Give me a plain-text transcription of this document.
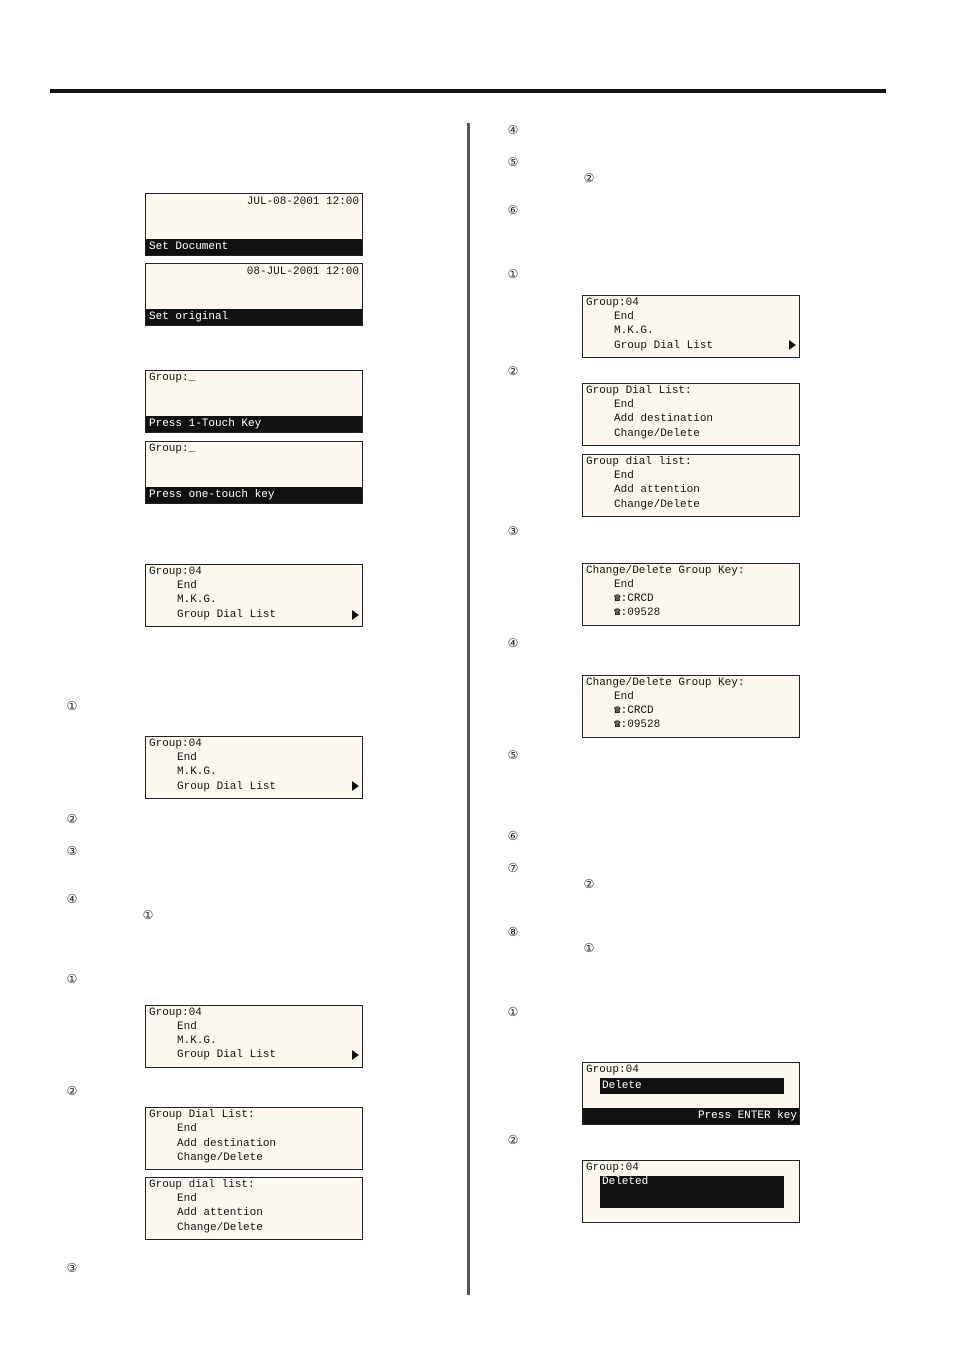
JUL-08-2001 12:00
Set Document
08-JUL-2001 12:00
Set original
Group:_
Press 1-Touch Key
Group:_
Press one-touch key
Group:04
End
M.K.G.
Group Dial List
①
Group:04
End
M.K.G.
Group Dial List
②
③
④
①
①
Group:04
End
M.K.G.
Group Dial List
②
Group Dial List:
End
Add destination
Change/Delete
Group dial list:
End
Add attention
Change/Delete
③
④
⑤
②
⑥
①
Group:04
End
M.K.G.
Group Dial List
②
Group Dial List:
End
Add destination
Change/Delete
Group dial list:
End
Add attention
Change/Delete
③
Change/Delete Group Key:
End
☎:CRCD
☎:09528
④
Change/Delete Group Key:
End
☎:CRCD
☎:09528
⑤
⑥
⑦
②
⑧
①
①
Group:04
Delete
Press ENTER key
②
Group:04
Deleted
